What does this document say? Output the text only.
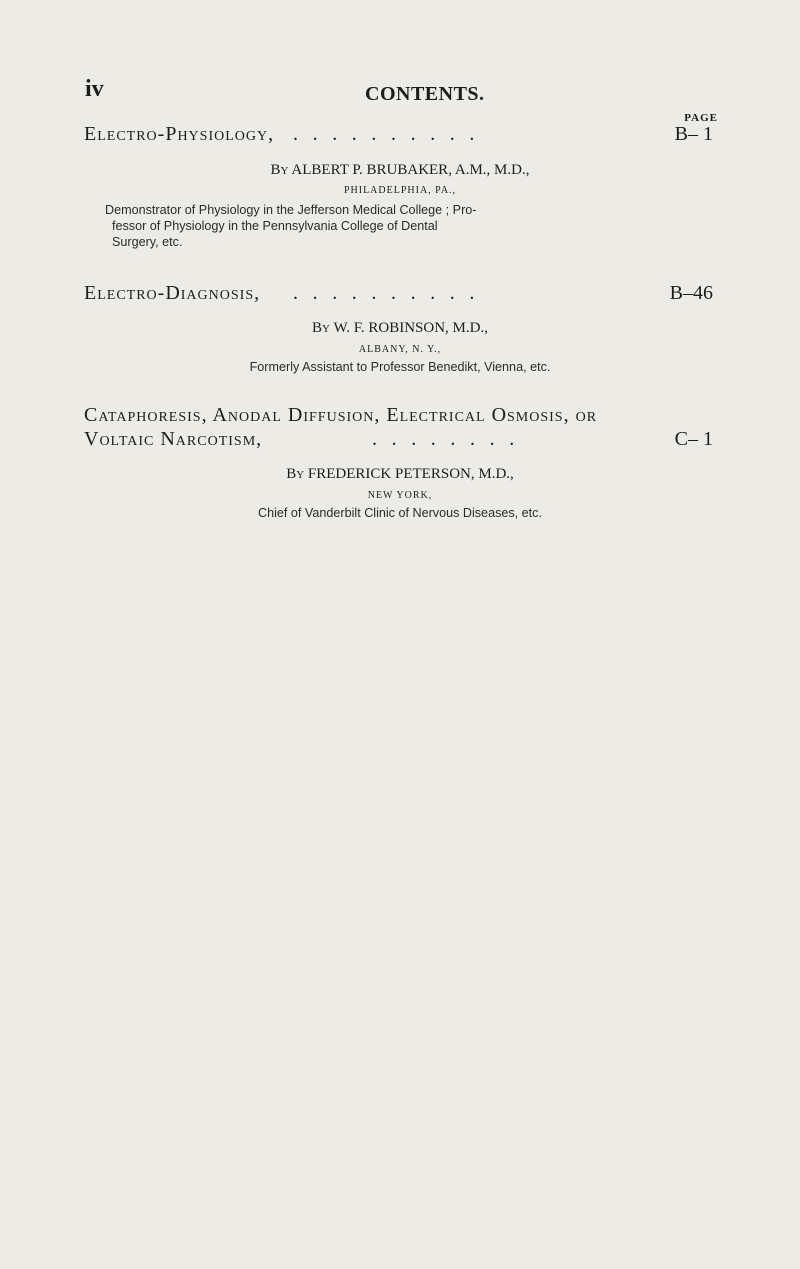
iv	CONTENTS.
PAGE
Electro-Physiology, ..........	B– 1
By ALBERT P. BRUBAKER, A.M., M.D.,
PHILADELPHIA, PA.,
Demonstrator of Physiology in the Jefferson Medical College ; Pro-
fessor of Physiology in the Pennsylvania College of Dental
Surgery, etc.
Electro-Diagnosis, ..........	B–46
By W. F. ROBINSON, M.D.,
ALBANY, N. Y.,
Formerly Assistant to Professor Benedikt, Vienna, etc.
Cataphoresis, Anodal Diffusion, Electrical Osmosis, or
Voltaic Narcotism,	........	C– 1
By FREDERICK PETERSON, M.D.,
NEW YORK,
Chief of Vanderbilt Clinic of Nervous Diseases, etc.
